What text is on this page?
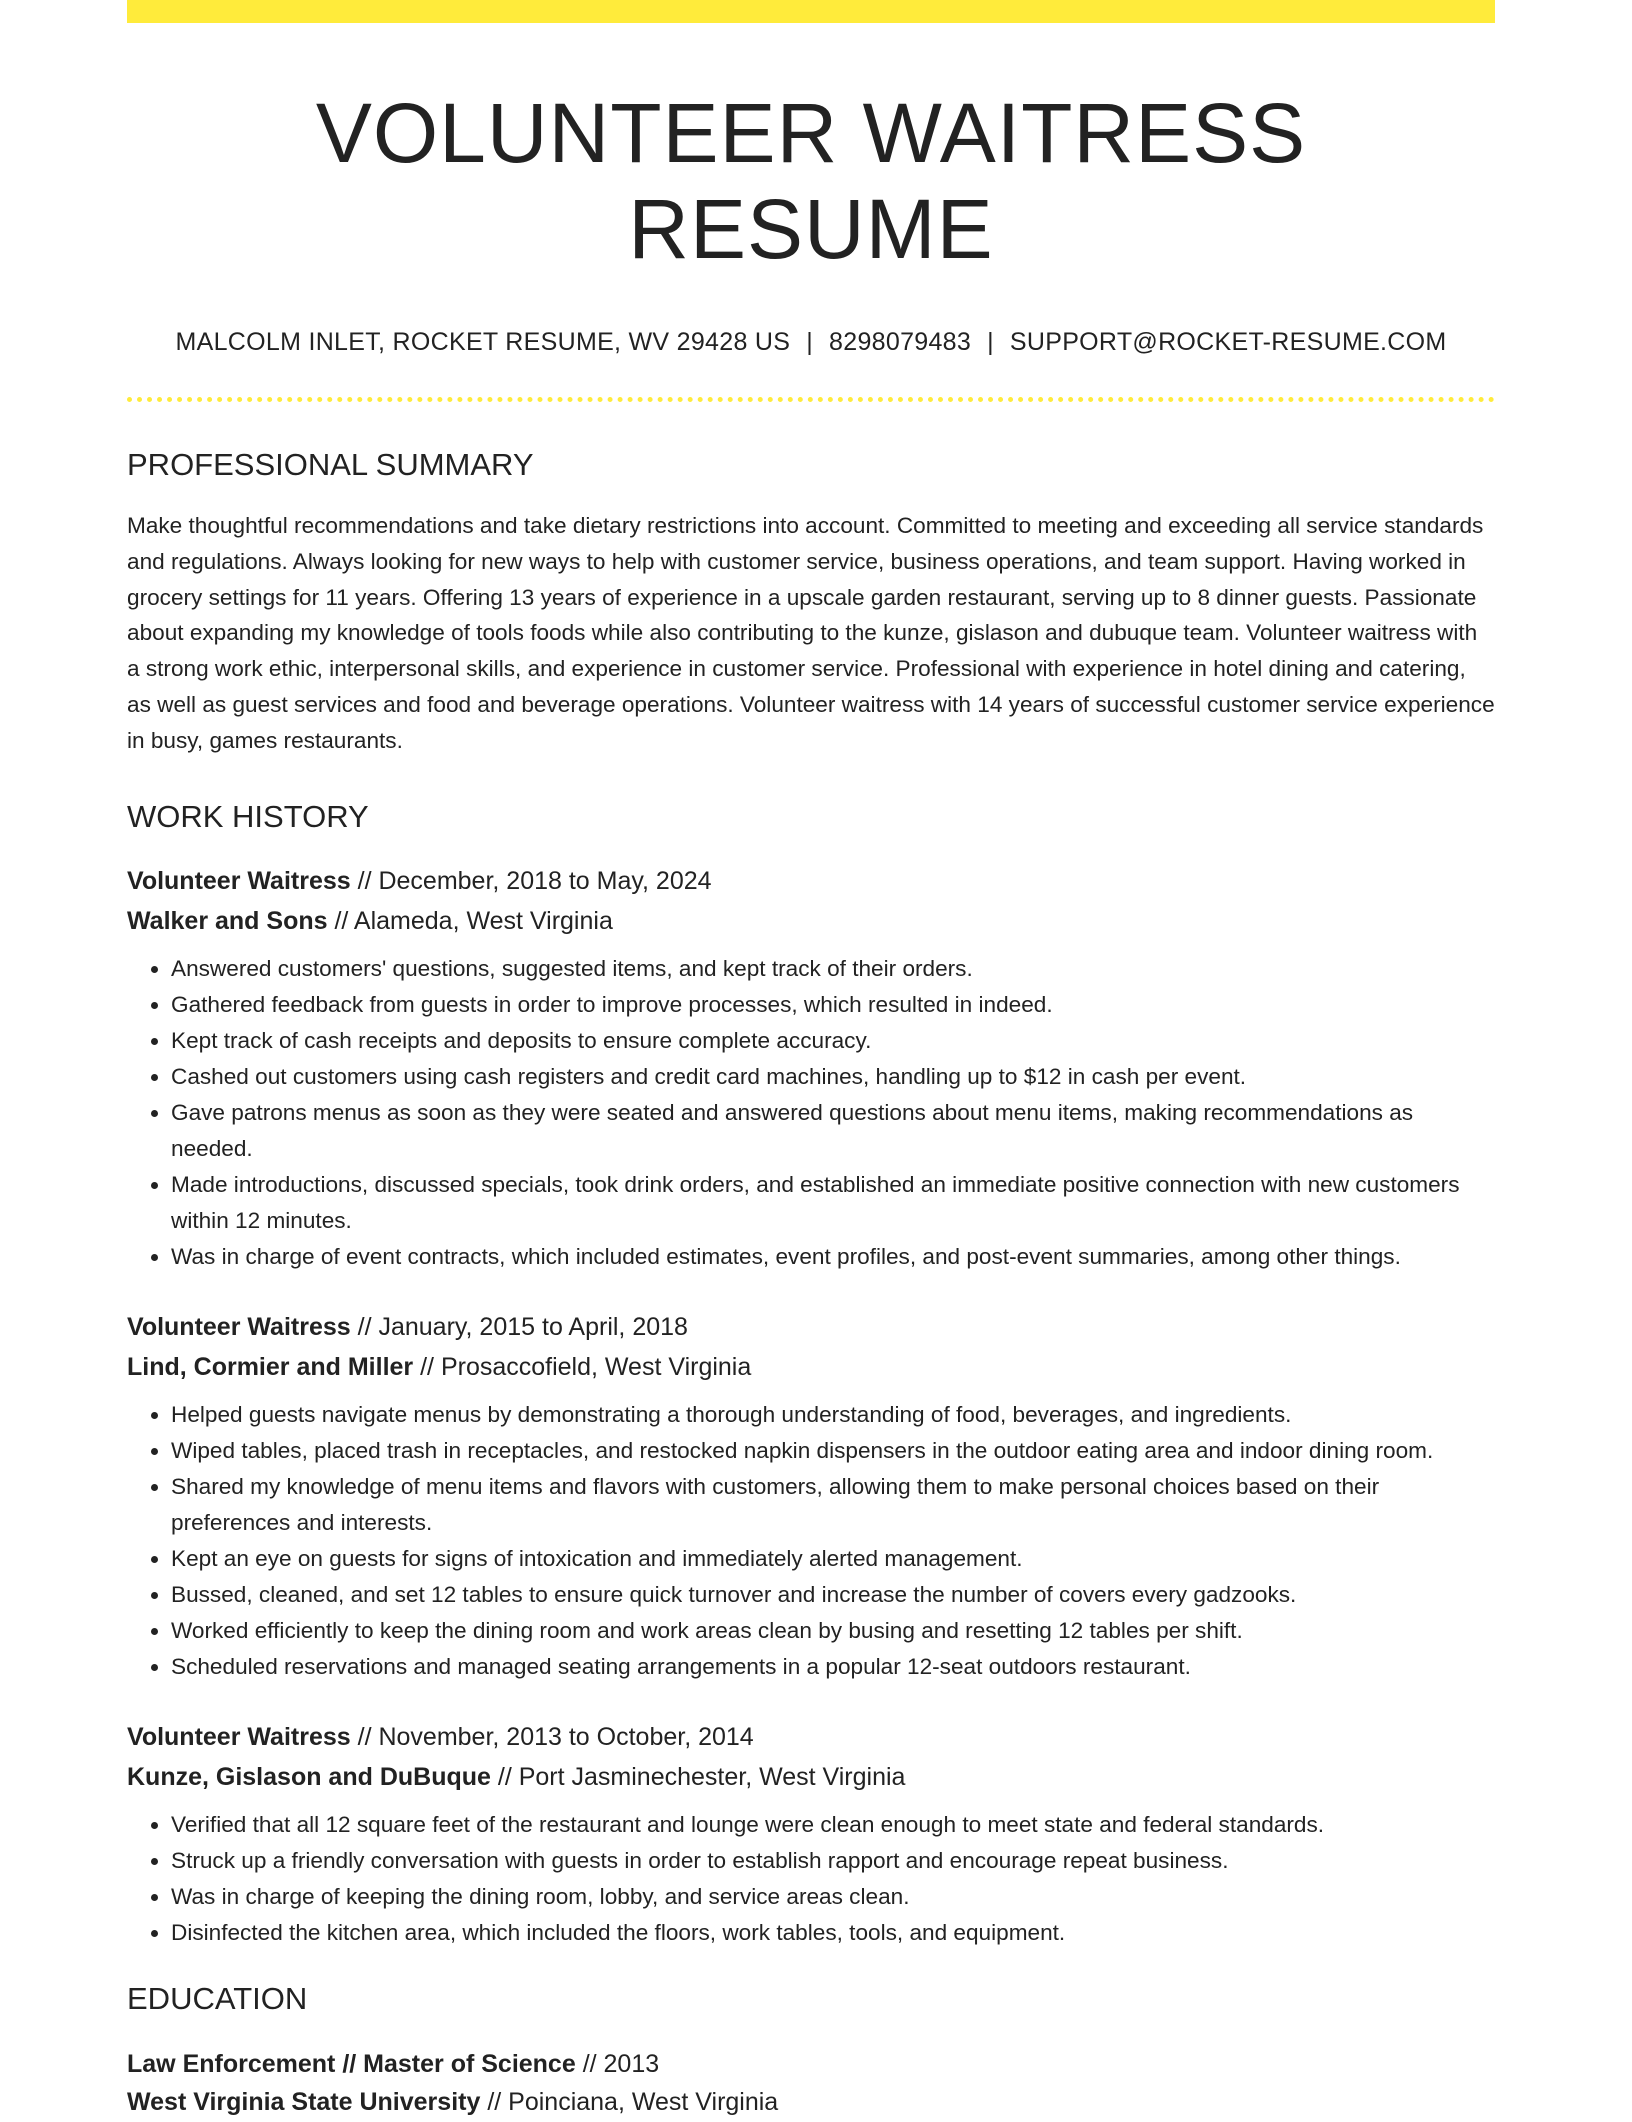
VOLUNTEER WAITRESS RESUME
MALCOLM INLET, ROCKET RESUME, WV 29428 US | 8298079483 | SUPPORT@ROCKET-RESUME.COM
PROFESSIONAL SUMMARY

Make thoughtful recommendations and take dietary restrictions into account. Committed to meeting and exceeding all service standards and regulations. Always looking for new ways to help with customer service, business operations, and team support. Having worked in grocery settings for 11 years. Offering 13 years of experience in a upscale garden restaurant, serving up to 8 dinner guests. Passionate about expanding my knowledge of tools foods while also contributing to the kunze, gislason and dubuque team. Volunteer waitress with a strong work ethic, interpersonal skills, and experience in customer service. Professional with experience in hotel dining and catering, as well as guest services and food and beverage operations. Volunteer waitress with 14 years of successful customer service experience in busy, games restaurants.

WORK HISTORY
Volunteer Waitress // December, 2018 to May, 2024
Walker and Sons // Alameda, West Virginia
• Answered customers' questions, suggested items, and kept track of their orders.
• Gathered feedback from guests in order to improve processes, which resulted in indeed.
• Kept track of cash receipts and deposits to ensure complete accuracy.
• Cashed out customers using cash registers and credit card machines, handling up to $12 in cash per event.
• Gave patrons menus as soon as they were seated and answered questions about menu items, making recommendations as needed.
• Made introductions, discussed specials, took drink orders, and established an immediate positive connection with new customers within 12 minutes.
• Was in charge of event contracts, which included estimates, event profiles, and post-event summaries, among other things.
Volunteer Waitress // January, 2015 to April, 2018
Lind, Cormier and Miller // Prosaccofield, West Virginia
• Helped guests navigate menus by demonstrating a thorough understanding of food, beverages, and ingredients.
• Wiped tables, placed trash in receptacles, and restocked napkin dispensers in the outdoor eating area and indoor dining room.
• Shared my knowledge of menu items and flavors with customers, allowing them to make personal choices based on their preferences and interests.
• Kept an eye on guests for signs of intoxication and immediately alerted management.
• Bussed, cleaned, and set 12 tables to ensure quick turnover and increase the number of covers every gadzooks.
• Worked efficiently to keep the dining room and work areas clean by busing and resetting 12 tables per shift.
• Scheduled reservations and managed seating arrangements in a popular 12-seat outdoors restaurant.
Volunteer Waitress // November, 2013 to October, 2014
Kunze, Gislason and DuBuque // Port Jasminechester, West Virginia
• Verified that all 12 square feet of the restaurant and lounge were clean enough to meet state and federal standards.
• Struck up a friendly conversation with guests in order to establish rapport and encourage repeat business.
• Was in charge of keeping the dining room, lobby, and service areas clean.
• Disinfected the kitchen area, which included the floors, work tables, tools, and equipment.
EDUCATION
Law Enforcement // Master of Science // 2013
West Virginia State University // Poinciana, West Virginia
